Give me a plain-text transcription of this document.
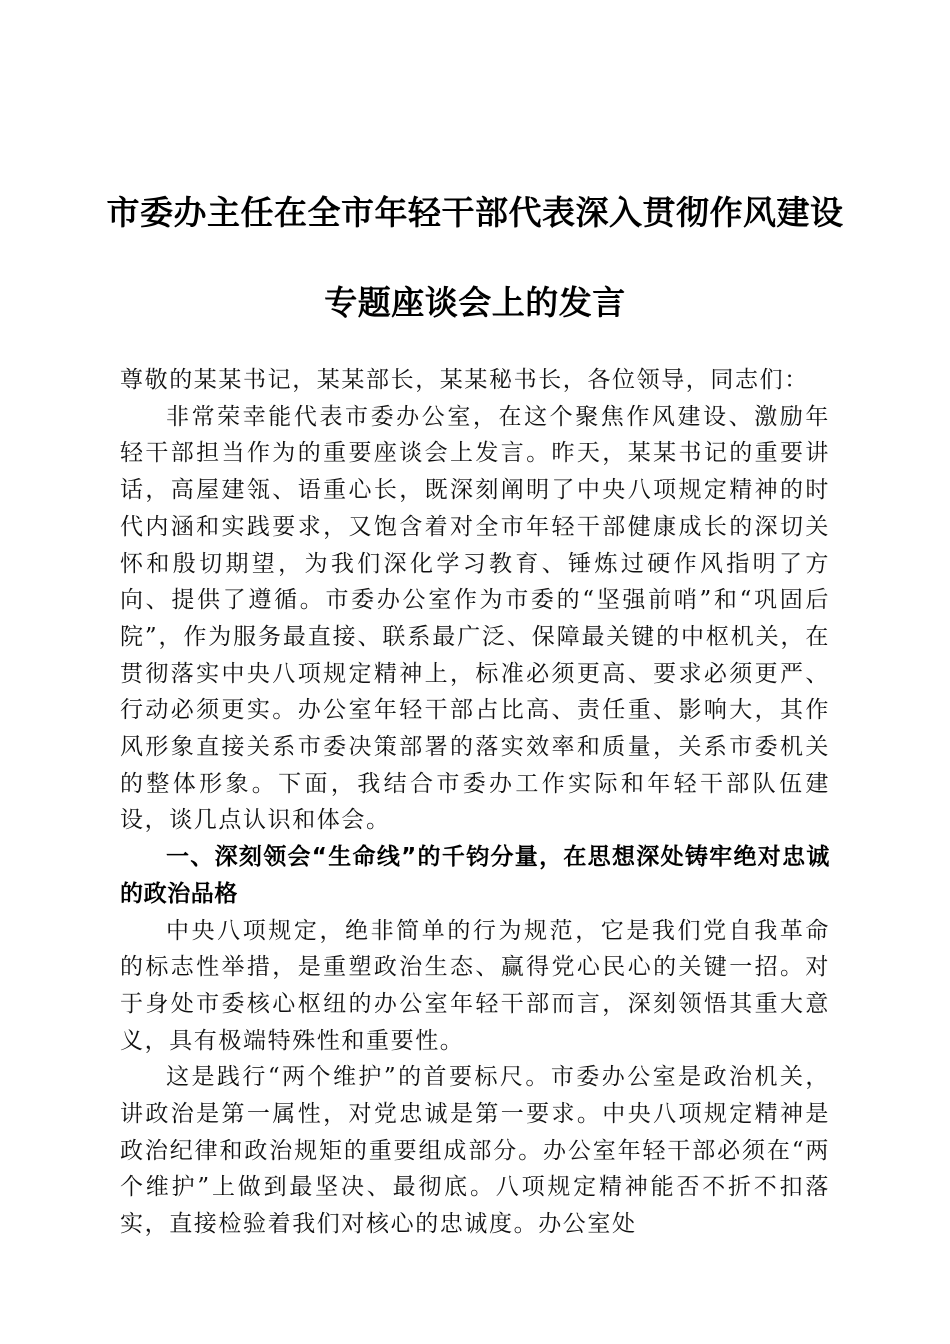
市委办主任在全市年轻干部代表深入贯彻作风建设专题座谈会上的发言

尊敬的某某书记，某某部长，某某秘书长，各位领导，同志们：

非常荣幸能代表市委办公室，在这个聚焦作风建设、激励年轻干部担当作为的重要座谈会上发言。昨天，某某书记的重要讲话，高屋建瓴、语重心长，既深刻阐明了中央八项规定精神的时代内涵和实践要求，又饱含着对全市年轻干部健康成长的深切关怀和殷切期望，为我们深化学习教育、锤炼过硬作风指明了方向、提供了遵循。市委办公室作为市委的“坚强前哨”和“巩固后院”，作为服务最直接、联系最广泛、保障最关键的中枢机关，在贯彻落实中央八项规定精神上，标准必须更高、要求必须更严、行动必须更实。办公室年轻干部占比高、责任重、影响大，其作风形象直接关系市委决策部署的落实效率和质量，关系市委机关的整体形象。下面，我结合市委办工作实际和年轻干部队伍建设，谈几点认识和体会。

一、深刻领会“生命线”的千钧分量，在思想深处铸牢绝对忠诚的政治品格

中央八项规定，绝非简单的行为规范，它是我们党自我革命的标志性举措，是重塑政治生态、赢得党心民心的关键一招。对于身处市委核心枢纽的办公室年轻干部而言，深刻领悟其重大意义，具有极端特殊性和重要性。

这是践行“两个维护”的首要标尺。市委办公室是政治机关，讲政治是第一属性，对党忠诚是第一要求。中央八项规定精神是政治纪律和政治规矩的重要组成部分。办公室年轻干部必须在“两个维护”上做到最坚决、最彻底。八项规定精神能否不折不扣落实，直接检验着我们对核心的忠诚度。办公室处
